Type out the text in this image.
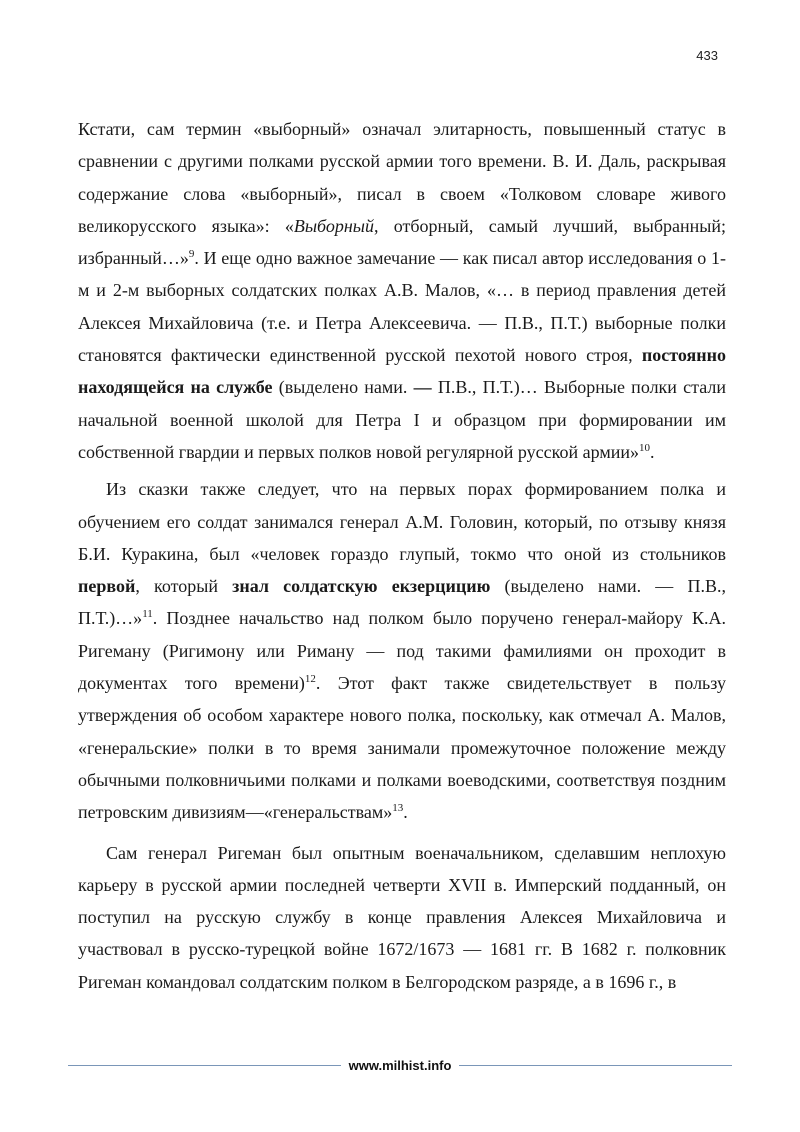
433

Кстати, сам термин «выборный» означал элитарность, повышенный статус в сравнении с другими полками русской армии того времени. В. И. Даль, раскрывая содержание слова «выборный», писал в своем «Толковом словаре живого великорусского языка»: «Выборный, отборный, самый лучший, выбранный; избранный…»$^9$. И еще одно важное замечание — как писал автор исследования о 1-м и 2-м выборных солдатских полках А.В. Малов, «… в период правления детей Алексея Михайловича (т.е. и Петра Алексеевича. — П.В., П.Т.) выборные полки становятся фактически единственной русской пехотой нового строя, постоянно находящейся на службе (выделено нами. — П.В., П.Т.)… Выборные полки стали начальной военной школой для Петра I и образцом при формировании им собственной гвардии и первых полков новой регулярной русской армии»$^{10}$.

Из сказки также следует, что на первых порах формированием полка и обучением его солдат занимался генерал А.М. Головин, который, по отзыву князя Б.И. Куракина, был «человек гораздо глупый, токмо что оной из стольников первой, который знал солдатскую екзерцицию (выделено нами. — П.В., П.Т.)…»$^{11}$. Позднее начальство над полком было поручено генерал-майору К.А. Ригеману (Ригимону или Риману — под такими фамилиями он проходит в документах того времени)$^{12}$. Этот факт также свидетельствует в пользу утверждения об особом характере нового полка, поскольку, как отмечал А. Малов, «генеральские» полки в то время занимали промежуточное положение между обычными полковничьими полками и полками воеводскими, соответствуя поздним петровским дивизиям—«генеральствам»$^{13}$.

Сам генерал Ригеман был опытным военачальником, сделавшим неплохую карьеру в русской армии последней четверти XVII в. Имперский подданный, он поступил на русскую службу в конце правления Алексея Михайловича и участвовал в русско-турецкой войне 1672/1673 — 1681 гг. В 1682 г. полковник Ригеман командовал солдатским полком в Белгородском разряде, а в 1696 г., в

www.milhist.info
